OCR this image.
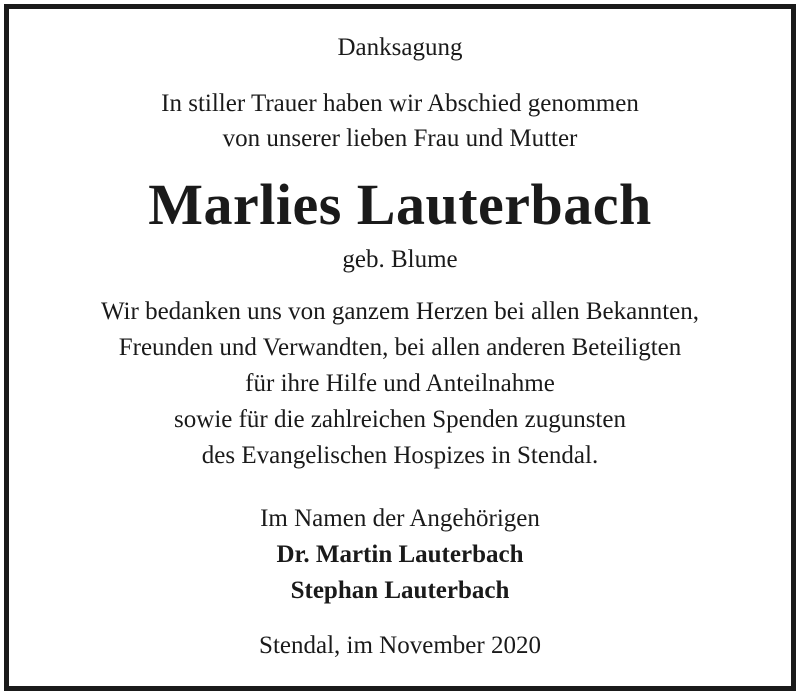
Danksagung
In stiller Trauer haben wir Abschied genommen
von unserer lieben Frau und Mutter
Marlies Lauterbach
geb. Blume
Wir bedanken uns von ganzem Herzen bei allen Bekannten,
Freunden und Verwandten, bei allen anderen Beteiligten
für ihre Hilfe und Anteilnahme
sowie für die zahlreichen Spenden zugunsten
des Evangelischen Hospizes in Stendal.
Im Namen der Angehörigen
Dr. Martin Lauterbach
Stephan Lauterbach
Stendal, im November 2020
